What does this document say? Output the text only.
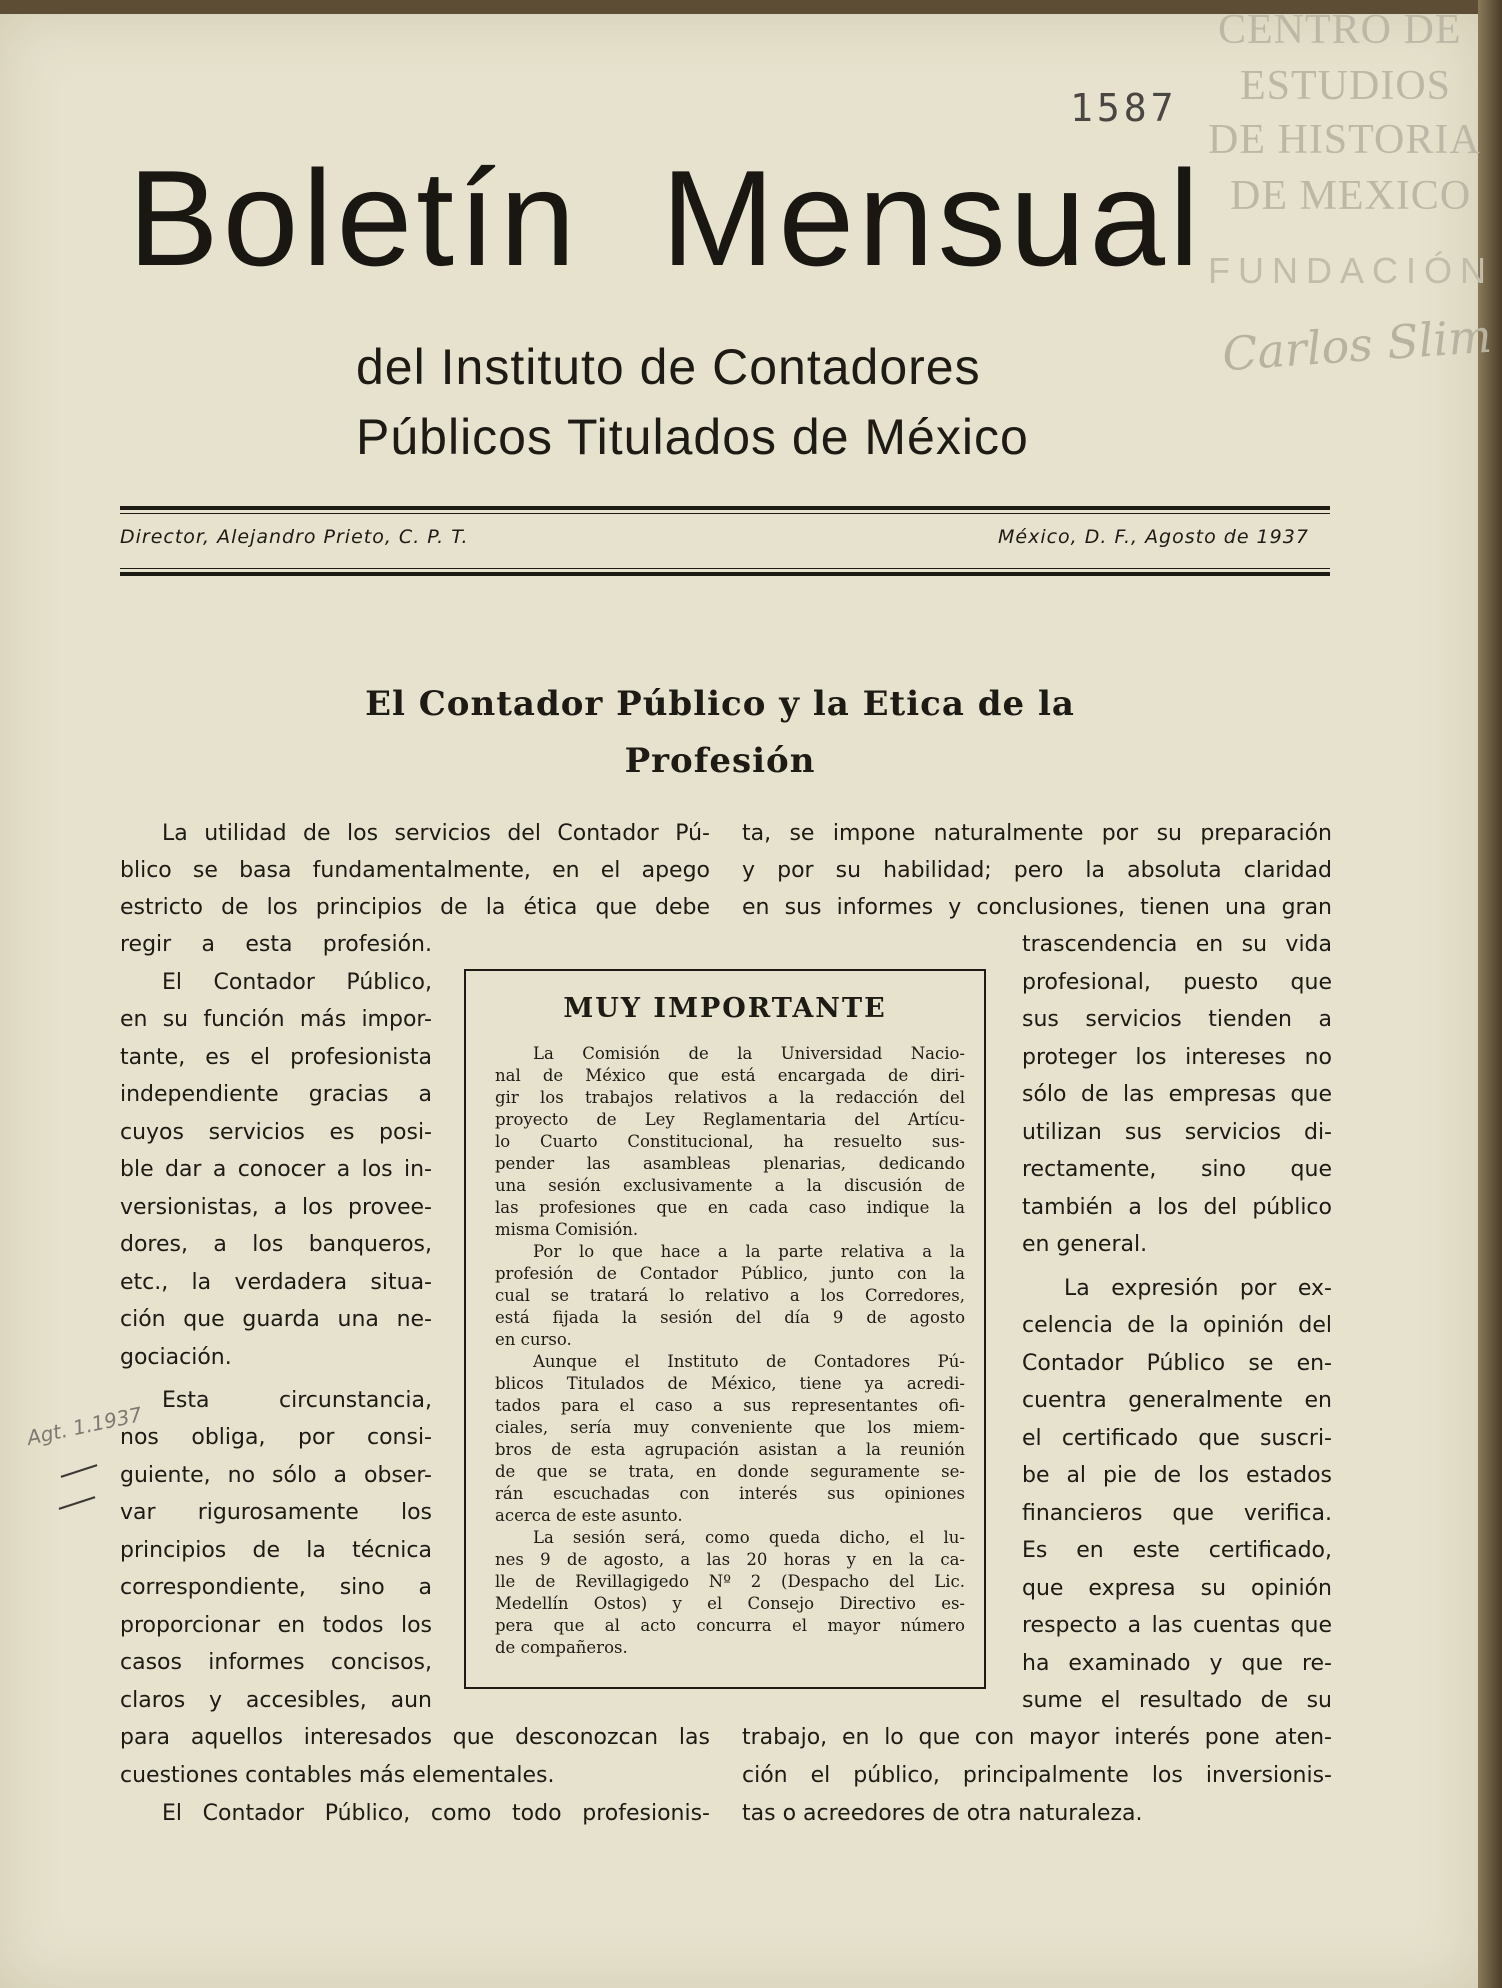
CENTRO DE
ESTUDIOS
DE HISTORIA
DE MEXICO
FUNDACIÓN
Carlos Slim
1587
Boletín Mensual
del Instituto de Contadores
Públicos Titulados de México
Director, Alejandro Prieto, C. P. T.	México, D. F., Agosto de 1937
El Contador Público y la Etica de la
Profesión
La utilidad de los servicios del Contador Pú-
blico se basa fundamentalmente, en el apego
estricto de los principios de la ética que debe
regir a esta profesión.
El Contador Público,
en su función más impor-
tante, es el profesionista
independiente gracias a
cuyos servicios es posi-
ble dar a conocer a los in-
versionistas, a los provee-
dores, a los banqueros,
etc., la verdadera situa-
ción que guarda una ne-
gociación.
Esta circunstancia,
nos obliga, por consi-
guiente, no sólo a obser-
var rigurosamente los
principios de la técnica
correspondiente, sino a
proporcionar en todos los
casos informes concisos,
claros y accesibles, aun
para aquellos interesados que desconozcan las
cuestiones contables más elementales.
El Contador Público, como todo profesionis-
ta, se impone naturalmente por su preparación
y por su habilidad; pero la absoluta claridad
en sus informes y conclusiones, tienen una gran
trascendencia en su vida
profesional, puesto que
sus servicios tienden a
proteger los intereses no
sólo de las empresas que
utilizan sus servicios di-
rectamente, sino que
también a los del público
en general.
La expresión por ex-
celencia de la opinión del
Contador Público se en-
cuentra generalmente en
el certificado que suscri-
be al pie de los estados
financieros que verifica.
Es en este certificado,
que expresa su opinión
respecto a las cuentas que
ha examinado y que re-
sume el resultado de su
trabajo, en lo que con mayor interés pone aten-
ción el público, principalmente los inversionis-
tas o acreedores de otra naturaleza.
MUY IMPORTANTE
La Comisión de la Universidad Nacio-
nal de México que está encargada de diri-
gir los trabajos relativos a la redacción del
proyecto de Ley Reglamentaria del Artícu-
lo Cuarto Constitucional, ha resuelto sus-
pender las asambleas plenarias, dedicando
una sesión exclusivamente a la discusión de
las profesiones que en cada caso indique la
misma Comisión.
Por lo que hace a la parte relativa a la
profesión de Contador Público, junto con la
cual se tratará lo relativo a los Corredores,
está fijada la sesión del día 9 de agosto
en curso.
Aunque el Instituto de Contadores Pú-
blicos Titulados de México, tiene ya acredi-
tados para el caso a sus representantes ofi-
ciales, sería muy conveniente que los miem-
bros de esta agrupación asistan a la reunión
de que se trata, en donde seguramente se-
rán escuchadas con interés sus opiniones
acerca de este asunto.
La sesión será, como queda dicho, el lu-
nes 9 de agosto, a las 20 horas y en la ca-
lle de Revillagigedo Nº 2 (Despacho del Lic.
Medellín Ostos) y el Consejo Directivo es-
pera que al acto concurra el mayor número
de compañeros.
Agt. 1.1937
